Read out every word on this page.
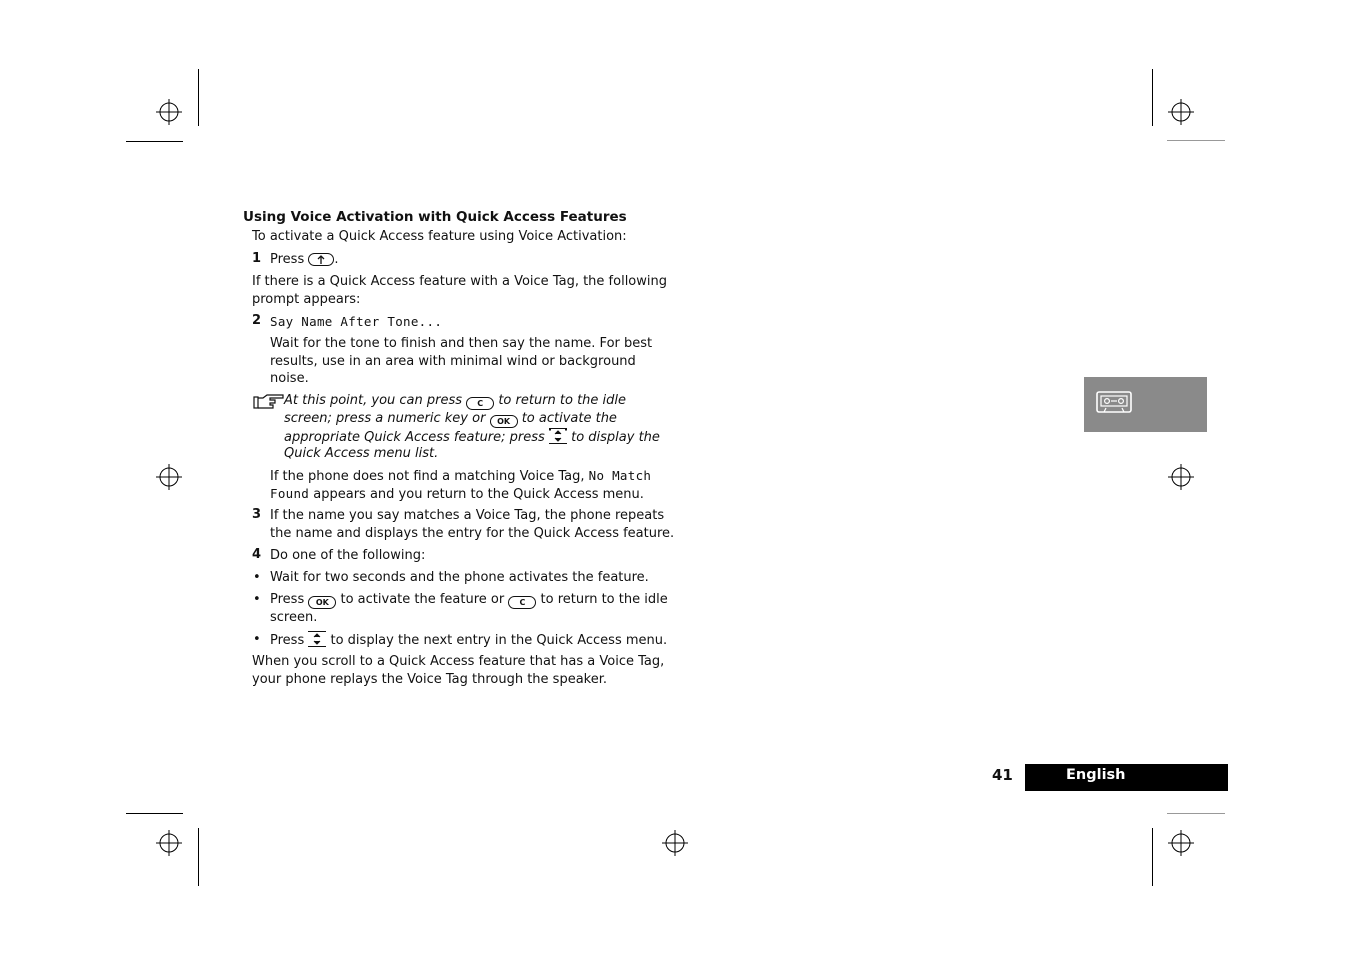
Using Voice Activation with Quick Access Features
To activate a Quick Access feature using Voice Activation:
1 Press .
If there is a Quick Access feature with a Voice Tag, the following
prompt appears:
2 Say Name After Tone...
Wait for the tone to finish and then say the name. For best
results, use in an area with minimal wind or background
noise.
At this point, you can press C to return to the idle
screen; press a numeric key or OK to activate the
appropriate Quick Access feature; press to display the
Quick Access menu list.
If the phone does not find a matching Voice Tag, No Match
Found appears and you return to the Quick Access menu.
3 If the name you say matches a Voice Tag, the phone repeats
the name and displays the entry for the Quick Access feature.
4 Do one of the following:
• Wait for two seconds and the phone activates the feature.
• Press OK to activate the feature or C to return to the idle
screen.
• Press to display the next entry in the Quick Access menu.
When you scroll to a Quick Access feature that has a Voice Tag,
your phone replays the Voice Tag through the speaker.
41	English
